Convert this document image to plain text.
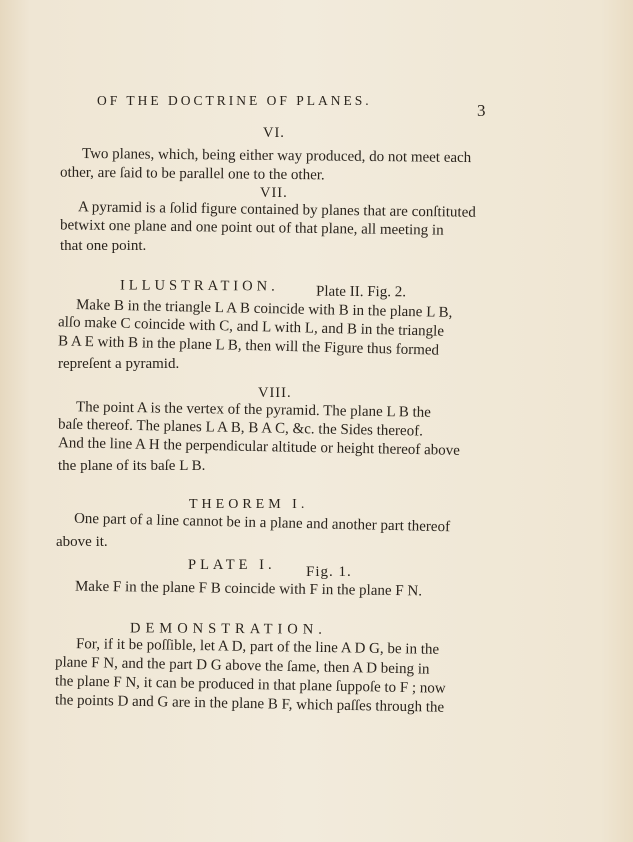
OF THE DOCTRINE OF PLANES.
3
VI.
Two planes, which, being either way produced, do not meet each
other, are ſaid to be parallel one to the other.
VII.
A pyramid is a ſolid figure contained by planes that are conſtituted
betwixt one plane and one point out of that plane, all meeting in
that one point.
ILLUSTRATION. Plate II. Fig. 2.
Make B in the triangle L A B coincide with B in the plane L B,
alſo make C coincide with C, and L with L, and B in the triangle
B A E with B in the plane L B, then will the Figure thus formed
repreſent a pyramid.
VIII.
The point A is the vertex of the pyramid. The plane L B the
baſe thereof. The planes L A B, B A C, &c. the Sides thereof.
And the line A H the perpendicular altitude or height thereof above
the plane of its baſe L B.
THEOREM I.
One part of a line cannot be in a plane and another part thereof
above it.
PLATE I. Fig. 1.
Make F in the plane F B coincide with F in the plane F N.
DEMONSTRATION.
For, if it be poſſible, let A D, part of the line A D G, be in the
plane F N, and the part D G above the ſame, then A D being in
the plane F N, it can be produced in that plane ſuppoſe to F ; now
the points D and G are in the plane B F, which paſſes through the
